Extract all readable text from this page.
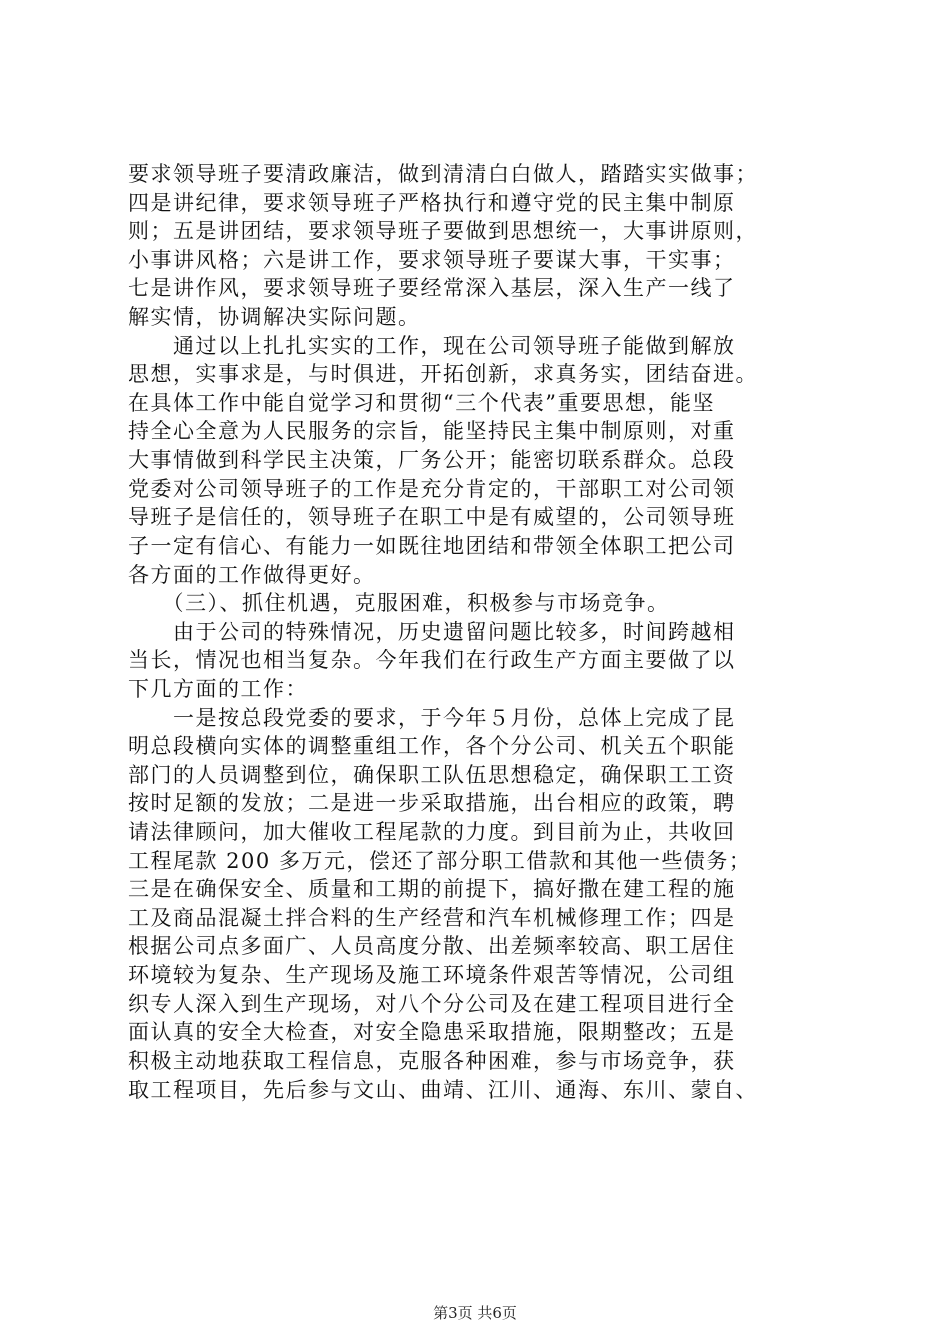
要求领导班子要清政廉洁，做到清清白白做人，踏踏实实做事；
四是讲纪律，要求领导班子严格执行和遵守党的民主集中制原
则；五是讲团结，要求领导班子要做到思想统一，大事讲原则，
小事讲风格；六是讲工作，要求领导班子要谋大事，干实事；
七是讲作风，要求领导班子要经常深入基层，深入生产一线了
解实情，协调解决实际问题。
　　通过以上扎扎实实的工作，现在公司领导班子能做到解放
思想，实事求是，与时俱进，开拓创新，求真务实，团结奋进。
在具体工作中能自觉学习和贯彻“三个代表”重要思想，能坚
持全心全意为人民服务的宗旨，能坚持民主集中制原则，对重
大事情做到科学民主决策，厂务公开；能密切联系群众。总段
党委对公司领导班子的工作是充分肯定的，干部职工对公司领
导班子是信任的，领导班子在职工中是有威望的，公司领导班
子一定有信心、有能力一如既往地团结和带领全体职工把公司
各方面的工作做得更好。
　　（三）、抓住机遇，克服困难，积极参与市场竞争。
　　由于公司的特殊情况，历史遗留问题比较多，时间跨越相
当长，情况也相当复杂。今年我们在行政生产方面主要做了以
下几方面的工作：
　　一是按总段党委的要求，于今年５月份，总体上完成了昆
明总段横向实体的调整重组工作，各个分公司、机关五个职能
部门的人员调整到位，确保职工队伍思想稳定，确保职工工资
按时足额的发放；二是进一步采取措施，出台相应的政策，聘
请法律顾问，加大催收工程尾款的力度。到目前为止，共收回
工程尾款 200 多万元，偿还了部分职工借款和其他一些债务；
三是在确保安全、质量和工期的前提下，搞好撒在建工程的施
工及商品混凝土拌合料的生产经营和汽车机械修理工作；四是
根据公司点多面广、人员高度分散、出差频率较高、职工居住
环境较为复杂、生产现场及施工环境条件艰苦等情况，公司组
织专人深入到生产现场，对八个分公司及在建工程项目进行全
面认真的安全大检查，对安全隐患采取措施，限期整改；五是
积极主动地获取工程信息，克服各种困难，参与市场竞争，获
取工程项目，先后参与文山、曲靖、江川、通海、东川、蒙自、
第3页 共6页
